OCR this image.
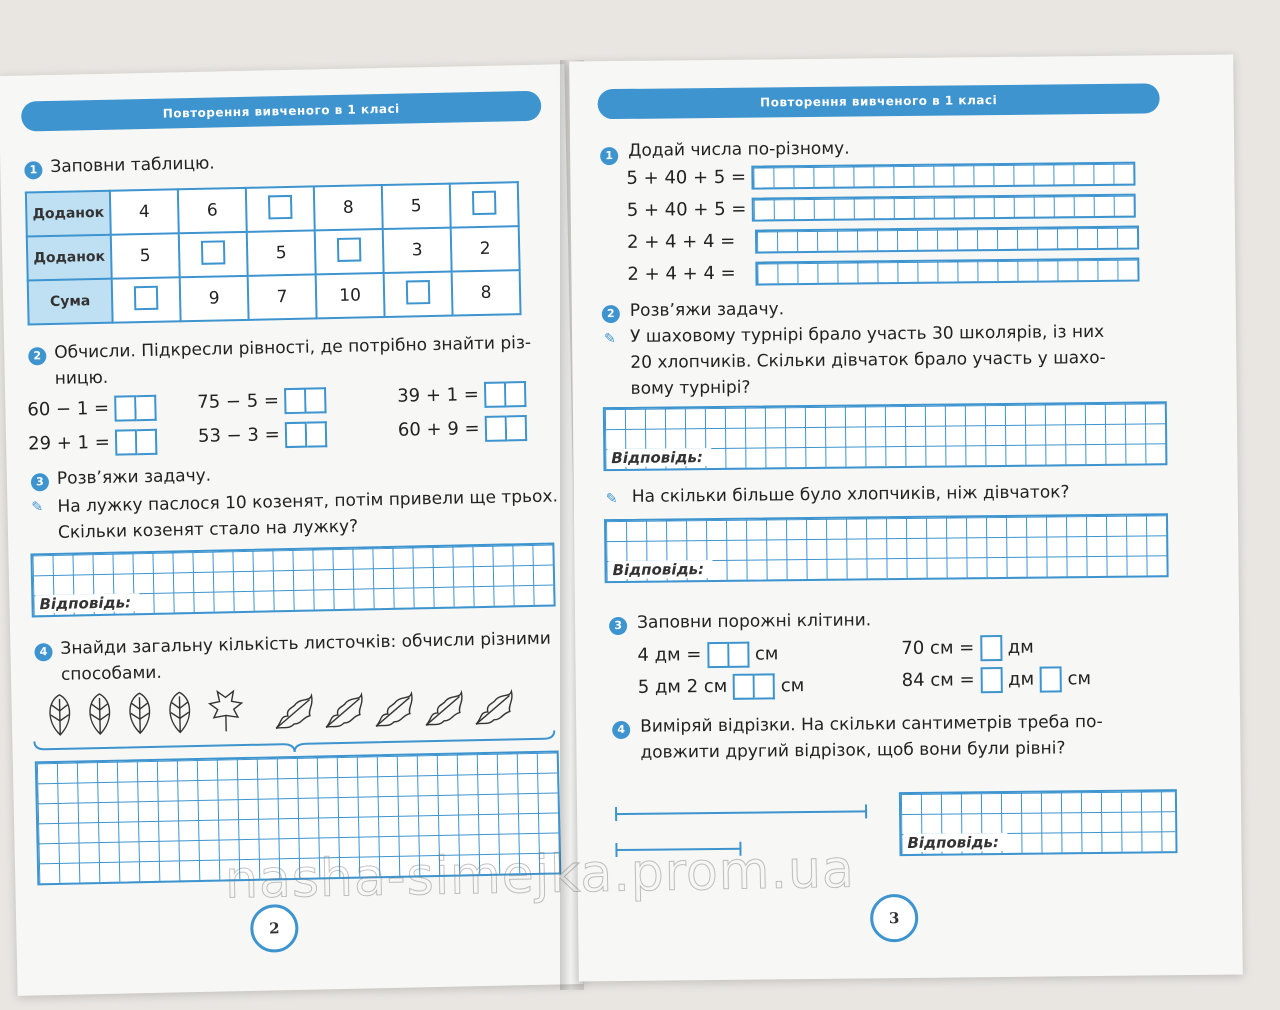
Повторення вивченого в 1 класі
1 Заповни таблицю.
Доданок	4	6		8	5	
Доданок	5		5		3	2
Сума		9	7	10		8
2 Обчисли. Підкресли рівності, де потрібно знайти різ-
ницю.
60 − 1 =	75 − 5 =	39 + 1 =
29 + 1 =	53 − 3 =	60 + 9 =
3 Розв’яжи задачу.
✎ На лужку паслося 10 козенят, потім привели ще трьох.
Скільки козенят стало на лужку?
Відповідь:
4 Знайди загальну кількість листочків: обчисли різними
способами.
2
Повторення вивченого в 1 класі
1 Додай числа по-різному.
5 + 40 + 5 =
5 + 40 + 5 =
2 + 4 + 4 =
2 + 4 + 4 =
2 Розв’яжи задачу.
✎ У шаховому турнірі брало участь 30 школярів, із них
20 хлопчиків. Скільки дівчаток брало участь у шахо-
вому турнірі?
Відповідь:
✎ На скільки більше було хлопчиків, ніж дівчаток?
Відповідь:
3 Заповни порожні клітини.
4 дм =	см
5 дм 2 см	см
70 см = дм
84 см = дм см
4 Виміряй відрізки. На скільки сантиметрів треба по-
довжити другий відрізок, щоб вони були рівні?
Відповідь:
3
